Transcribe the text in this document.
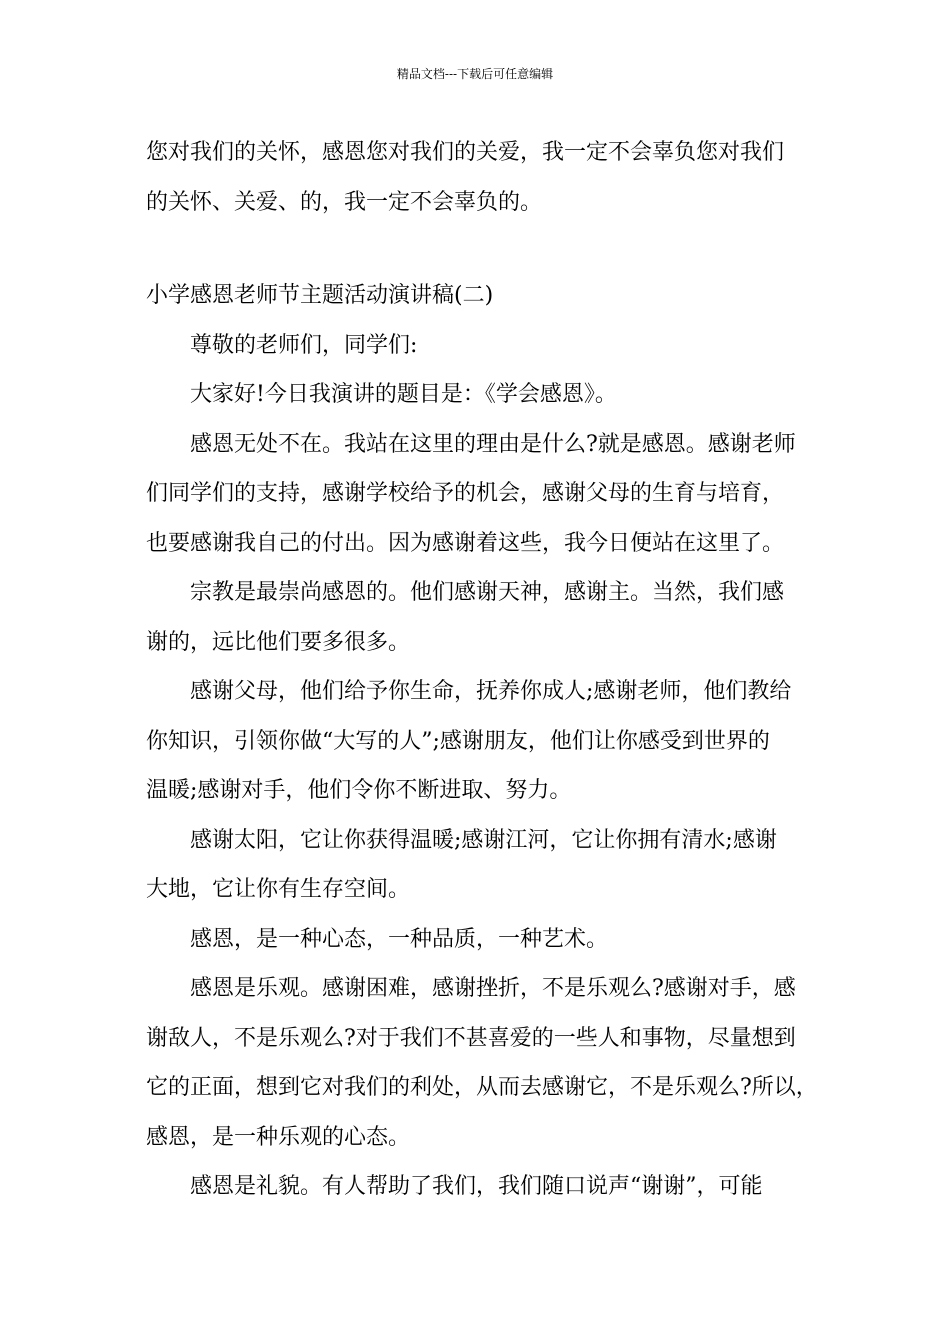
精品文档---下载后可任意编辑
您对我们的关怀，感恩您对我们的关爱，我一定不会辜负您对我们
的关怀、关爱、的，我一定不会辜负的。
小学感恩老师节主题活动演讲稿(二)
尊敬的老师们，同学们:
大家好!今日我演讲的题目是：《学会感恩》。
感恩无处不在。我站在这里的理由是什么?就是感恩。感谢老师
们同学们的支持，感谢学校给予的机会，感谢父母的生育与培育，
也要感谢我自己的付出。因为感谢着这些，我今日便站在这里了。
宗教是最崇尚感恩的。他们感谢天神，感谢主。当然，我们感
谢的，远比他们要多很多。
感谢父母，他们给予你生命，抚养你成人;感谢老师，他们教给
你知识，引领你做“大写的人”;感谢朋友，他们让你感受到世界的
温暖;感谢对手，他们令你不断进取、努力。
感谢太阳，它让你获得温暖;感谢江河，它让你拥有清水;感谢
大地，它让你有生存空间。
感恩，是一种心态，一种品质，一种艺术。
感恩是乐观。感谢困难，感谢挫折，不是乐观么?感谢对手，感
谢敌人，不是乐观么?对于我们不甚喜爱的一些人和事物，尽量想到
它的正面，想到它对我们的利处，从而去感谢它，不是乐观么?所以，
感恩，是一种乐观的心态。
感恩是礼貌。有人帮助了我们，我们随口说声“谢谢”，可能
